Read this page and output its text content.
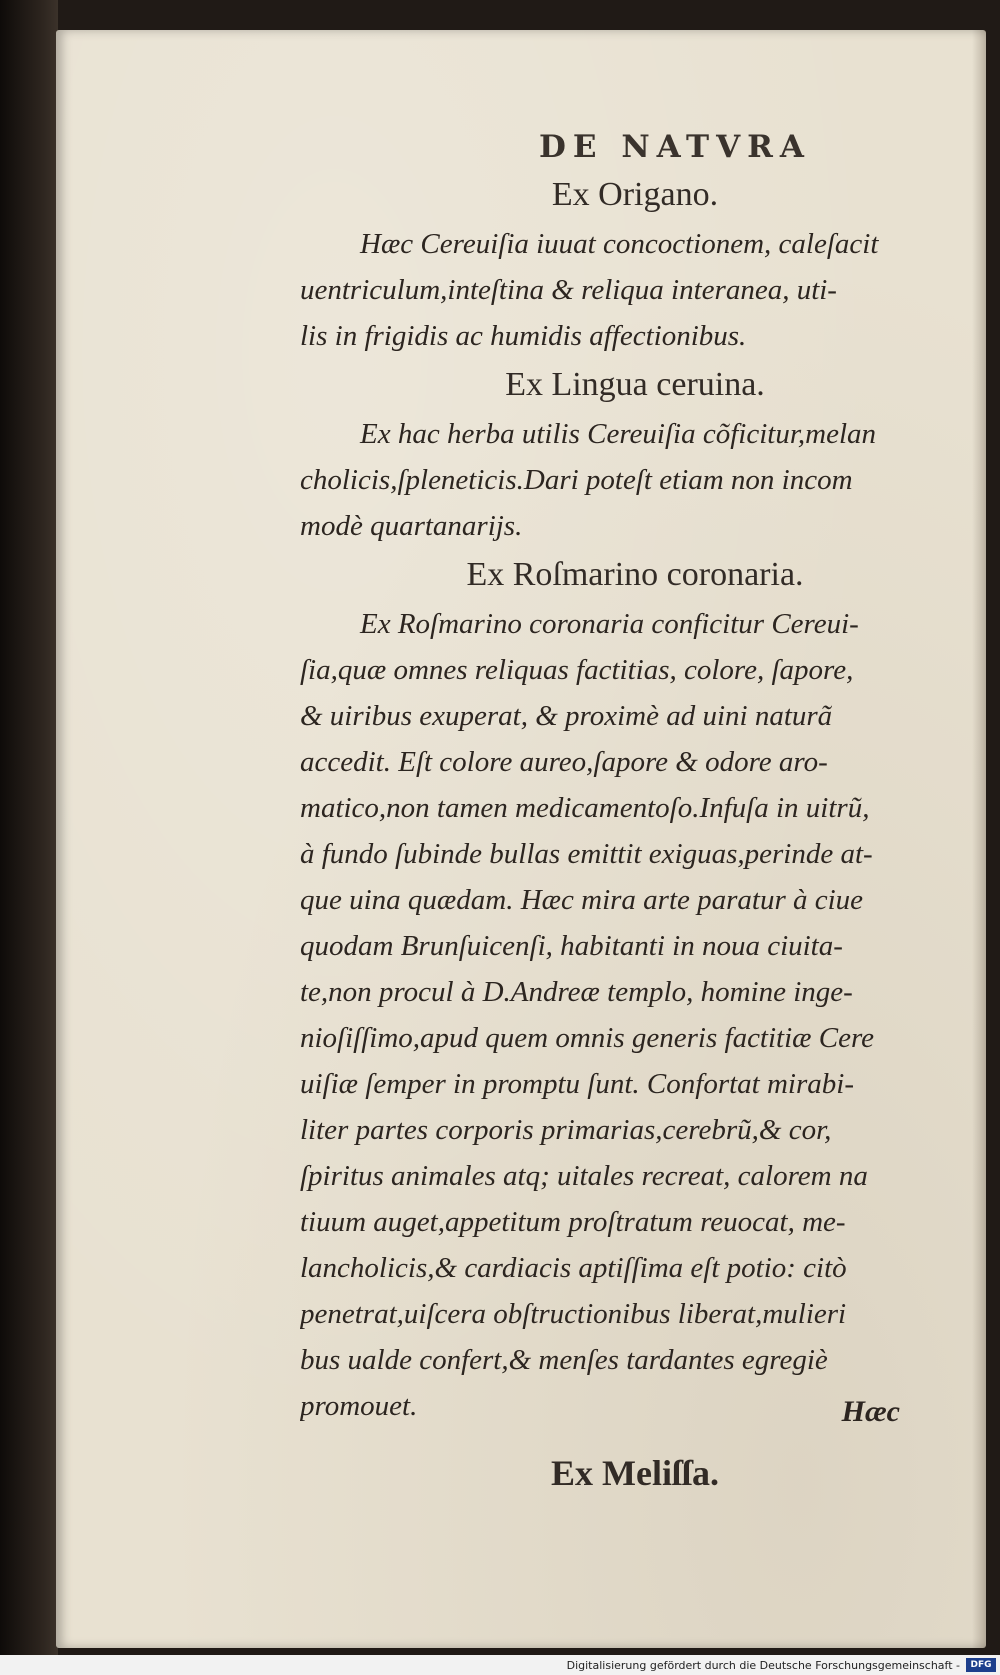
DE NATVRA
Ex Origano.
Hæc Cereuiſia iuuat concoctionem, caleſacit
uentriculum,inteſtina & reliqua interanea, uti-
lis in frigidis ac humidis affectionibus.
Ex Lingua ceruina.
Ex hac herba utilis Cereuiſia cõficitur,melan
cholicis,ſpleneticis.Dari poteſt etiam non incom
modè quartanarijs.
Ex Roſmarino coronaria.
Ex Roſmarino coronaria conficitur Cereui-
ſia,quæ omnes reliquas factitias, colore, ſapore,
& uiribus exuperat, & proximè ad uini naturã
accedit. Eſt colore aureo,ſapore & odore aro-
matico,non tamen medicamentoſo.Infuſa in uitrũ,
à fundo ſubinde bullas emittit exiguas,perinde at-
que uina quædam. Hæc mira arte paratur à ciue
quodam Brunſuicenſi, habitanti in noua ciuita-
te,non procul à D.Andreæ templo, homine inge-
nioſiſſimo,apud quem omnis generis factitiæ Cere
uiſiæ ſemper in promptu ſunt. Confortat mirabi-
liter partes corporis primarias,cerebrũ,& cor,
ſpiritus animales atq; uitales recreat, calorem na
tiuum auget,appetitum proſtratum reuocat, me-
lancholicis,& cardiacis aptiſſima eſt potio: citò
penetrat,uiſcera obſtructionibus liberat,mulieri
bus ualde confert,& menſes tardantes egregiè
promouet.
Ex Meliſſa.
Hæc
Digitalisierung gefördert durch die Deutsche Forschungsgemeinschaft -	DFG
